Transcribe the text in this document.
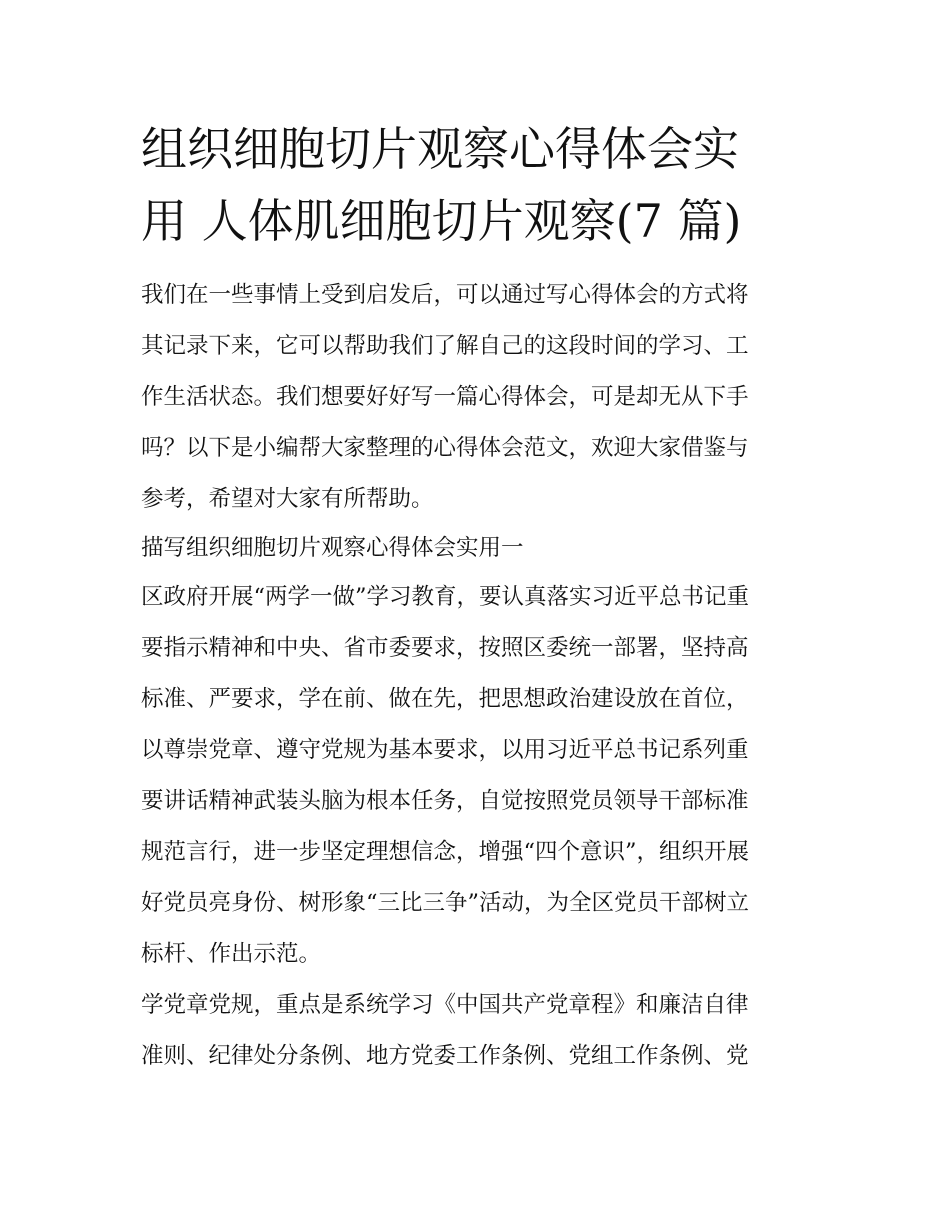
组织细胞切片观察心得体会实
用 人体肌细胞切片观察(7 篇)

我们在一些事情上受到启发后，可以通过写心得体会的方式将
其记录下来，它可以帮助我们了解自己的这段时间的学习、工
作生活状态。我们想要好好写一篇心得体会，可是却无从下手
吗？以下是小编帮大家整理的心得体会范文，欢迎大家借鉴与
参考，希望对大家有所帮助。

描写组织细胞切片观察心得体会实用一

区政府开展“两学一做”学习教育，要认真落实习近平总书记重
要指示精神和中央、省市委要求，按照区委统一部署，坚持高
标准、严要求，学在前、做在先，把思想政治建设放在首位，
以尊崇党章、遵守党规为基本要求，以用习近平总书记系列重
要讲话精神武装头脑为根本任务，自觉按照党员领导干部标准
规范言行，进一步坚定理想信念，增强“四个意识”，组织开展
好党员亮身份、树形象“三比三争”活动，为全区党员干部树立
标杆、作出示范。

学党章党规，重点是系统学习《中国共产党章程》和廉洁自律
准则、纪律处分条例、地方党委工作条例、党组工作条例、党
